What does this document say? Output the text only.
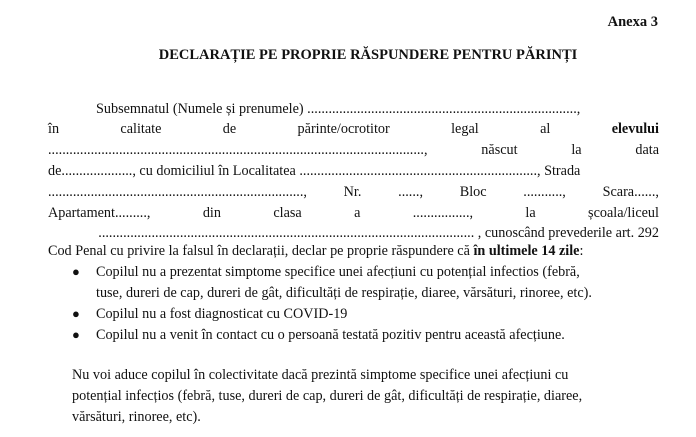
Anexa 3
DECLARAȚIE PE PROPRIE RĂSPUNDERE PENTRU PĂRINȚI
Subsemnatul (Numele și prenumele) ............................................................................,
în	calitate	de	părinte/ocrotitor	legal	al	elevului
..........................................................................................................,	născut	la	data
de...................., cu domiciliul în Localitatea ..................................................................., Strada
........................................................................,	Nr.	......,	Bloc	...........,	Scara......,
Apartament.........,	din	clasa	a	................,	la	școala/liceul
.......................................................................................................... , cunoscând prevederile art. 292
Cod Penal cu privire la falsul în declarații, declar pe proprie răspundere că în ultimele 14 zile:
● Copilul nu a prezentat simptome specifice unei afecțiuni cu potențial infectios (febră,
tuse, dureri de cap, dureri de gât, dificultăți de respirație, diaree, vărsături, rinoree, etc).
● Copilul nu a fost diagnosticat cu COVID-19
● Copilul nu a venit în contact cu o persoană testată pozitiv pentru această afecțiune.
Nu voi aduce copilul în colectivitate dacă prezintă simptome specifice unei afecțiuni cu
potențial infecțios (febră, tuse, dureri de cap, dureri de gât, dificultăți de respirație, diaree,
vărsături, rinoree, etc).
